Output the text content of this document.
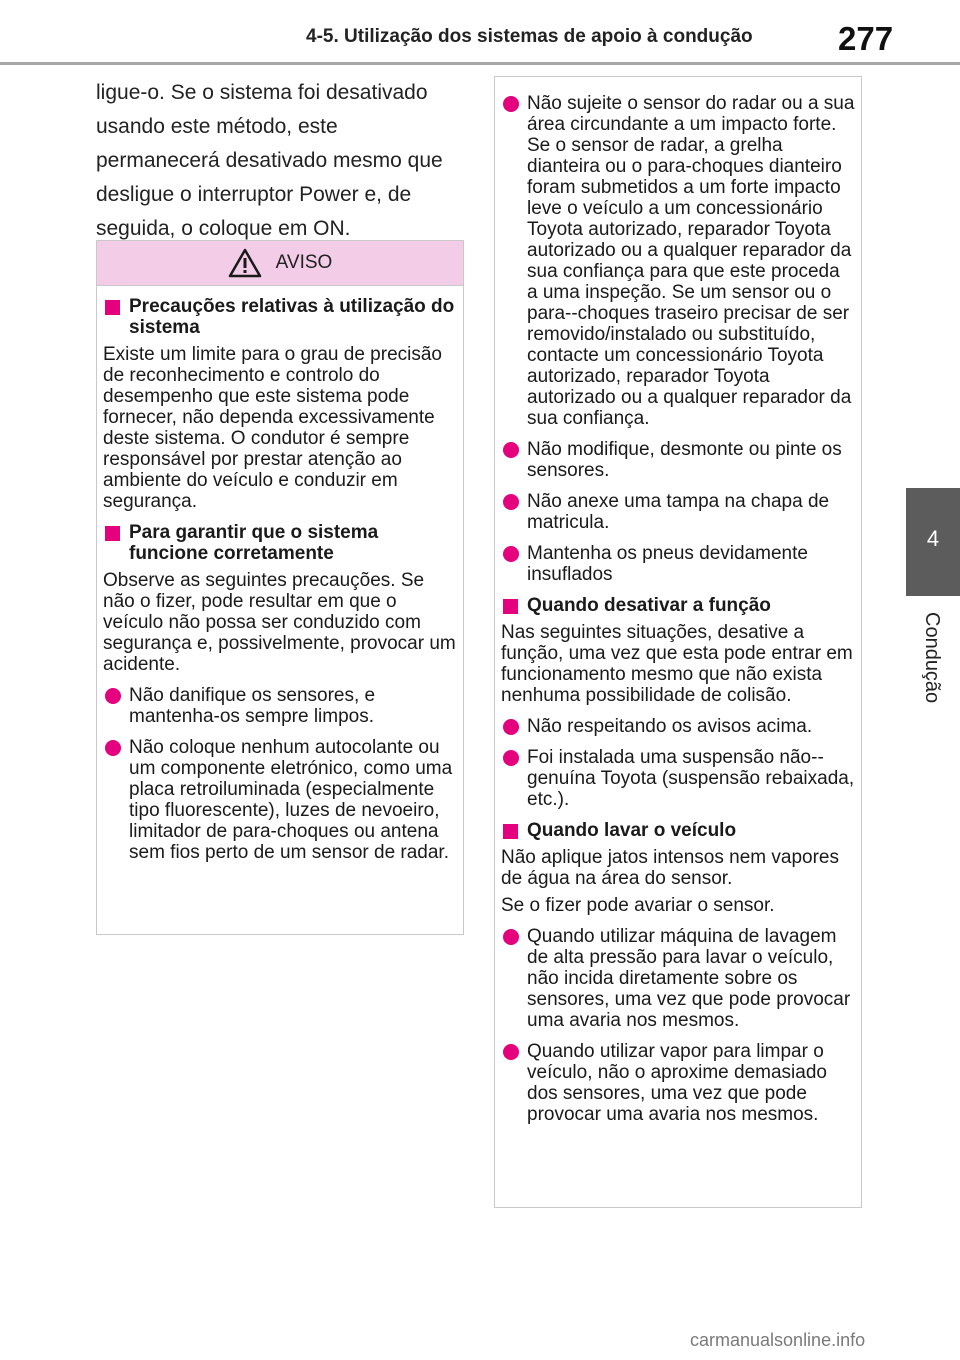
4-5. Utilização dos sistemas de apoio à condução	277
4
Condução
ligue-o. Se o sistema foi desativado usando este método, este permanecerá desativado mesmo que desligue o interruptor Power e, de seguida, o coloque em ON.
AVISO
Precauções relativas à utilização do sistema
Existe um limite para o grau de precisão de reconhecimento e controlo do desempenho que este sistema pode fornecer, não dependa excessivamente deste sistema. O condutor é sempre responsável por prestar atenção ao ambiente do veículo e conduzir em segurança.
Para garantir que o sistema funcione corretamente
Observe as seguintes precauções. Se não o fizer, pode resultar em que o veículo não possa ser conduzido com segurança e, possivelmente, provocar um acidente.
Não danifique os sensores, e mantenha-os sempre limpos.
Não coloque nenhum autocolante ou um componente eletrónico, como uma placa retroiluminada (especialmente tipo fluorescente), luzes de nevoeiro, limitador de para-choques ou antena sem fios perto de um sensor de radar.
Não sujeite o sensor do radar ou a sua área circundante a um impacto forte. Se o sensor de radar, a grelha dianteira ou o para-choques dianteiro foram submetidos a um forte impacto leve o veículo a um concessionário Toyota autorizado, reparador Toyota autorizado ou a qualquer reparador da sua confiança para que este proceda a uma inspeção. Se um sensor ou o para--choques traseiro precisar de ser removido/instalado ou substituído, contacte um concessionário Toyota autorizado, reparador Toyota autorizado ou a qualquer reparador da sua confiança.
Não modifique, desmonte ou pinte os sensores.
Não anexe uma tampa na chapa de matricula.
Mantenha os pneus devidamente insuflados
Quando desativar a função
Nas seguintes situações, desative a função, uma vez que esta pode entrar em funcionamento mesmo que não exista nenhuma possibilidade de colisão.
Não respeitando os avisos acima.
Foi instalada uma suspensão não--genuína Toyota (suspensão rebaixada, etc.).
Quando lavar o veículo
Não aplique jatos intensos nem vapores de água na área do sensor.
Se o fizer pode avariar o sensor.
Quando utilizar máquina de lavagem de alta pressão para lavar o veículo, não incida diretamente sobre os sensores, uma vez que pode provocar uma avaria nos mesmos.
Quando utilizar vapor para limpar o veículo, não o aproxime demasiado dos sensores, uma vez que pode provocar uma avaria nos mesmos.
carmanualsonline.info
